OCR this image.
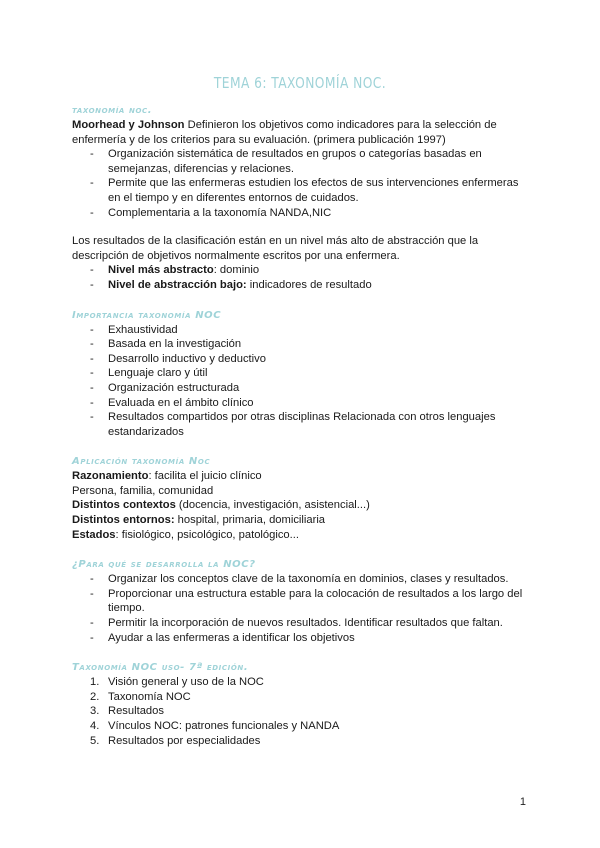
TEMA 6: TAXONOMÍA NOC.

taxonomía noc.

Moorhead y Johnson Definieron los objetivos como indicadores para la selección de enfermería y de los criterios para su evaluación. (primera publicación 1997)

- Organización sistemática de resultados en grupos o categorías basadas en semejanzas, diferencias y relaciones.
- Permite que las enfermeras estudien los efectos de sus intervenciones enfermeras en el tiempo y en diferentes entornos de cuidados.
- Complementaria a la taxonomía NANDA,NIC

Los resultados de la clasificación están en un nivel más alto de abstracción que la descripción de objetivos normalmente escritos por una enfermera.

- Nivel más abstracto: dominio
- Nivel de abstracción bajo: indicadores de resultado

Importancia taxonomía NOC

- Exhaustividad
- Basada en la investigación
- Desarrollo inductivo y deductivo
- Lenguaje claro y útil
- Organización estructurada
- Evaluada en el ámbito clínico
- Resultados compartidos por otras disciplinas Relacionada con otros lenguajes estandarizados

Aplicación taxonomía Noc

Razonamiento: facilita el juicio clínico

Persona, familia, comunidad

Distintos contextos (docencia, investigación, asistencial...)

Distintos entornos: hospital, primaria, domiciliaria

Estados: fisiológico, psicológico, patológico...

¿Para qué se desarrolla la NOC?

- Organizar los conceptos clave de la taxonomía en dominios, clases y resultados.
- Proporcionar una estructura estable para la colocación de resultados a los largo del tiempo.
- Permitir la incorporación de nuevos resultados. Identificar resultados que faltan.
- Ayudar a las enfermeras a identificar los objetivos

Taxonomía NOC uso- 7ª edición.

1. Visión general y uso de la NOC
2. Taxonomía NOC
3. Resultados
4. Vínculos NOC: patrones funcionales y NANDA
5. Resultados por especialidades
1
